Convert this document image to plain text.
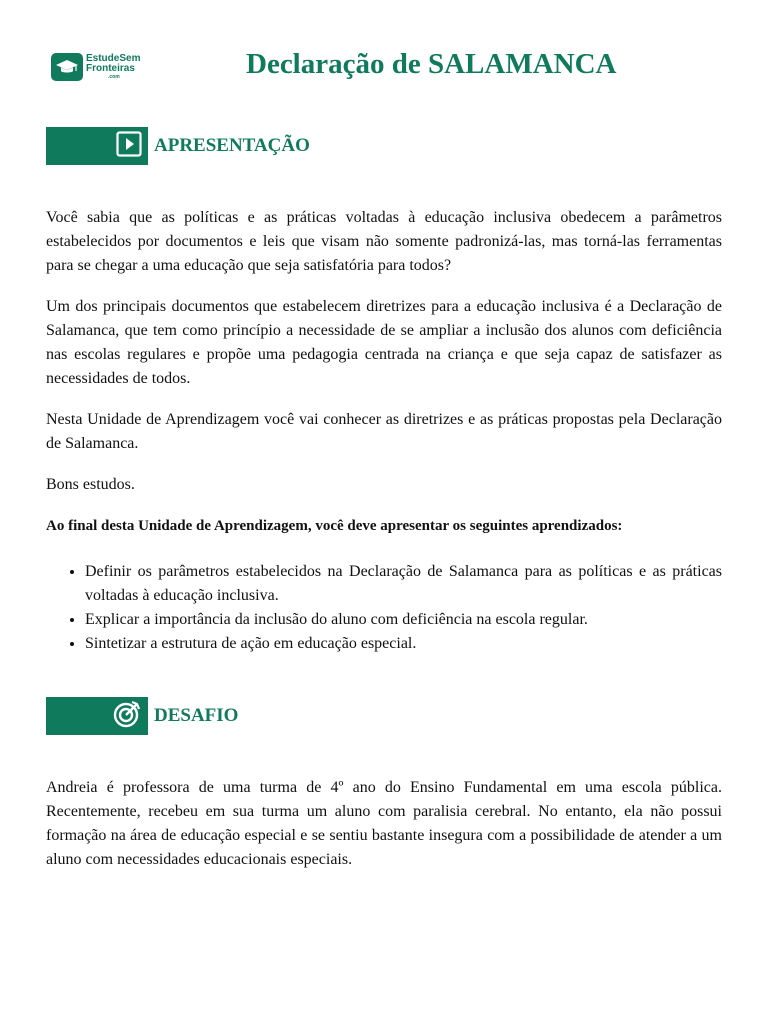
EstudeSem
Fronteiras
.com	Declaração de SALAMANCA
APRESENTAÇÃO

Você sabia que as políticas e as práticas voltadas à educação inclusiva obedecem a parâmetros estabelecidos por documentos e leis que visam não somente padronizá-las, mas torná-las ferramentas para se chegar a uma educação que seja satisfatória para todos?

Um dos principais documentos que estabelecem diretrizes para a educação inclusiva é a Declaração de Salamanca, que tem como princípio a necessidade de se ampliar a inclusão dos alunos com deficiência nas escolas regulares e propõe uma pedagogia centrada na criança e que seja capaz de satisfazer as necessidades de todos.

Nesta Unidade de Aprendizagem você vai conhecer as diretrizes e as práticas propostas pela Declaração de Salamanca.

Bons estudos.

Ao final desta Unidade de Aprendizagem, você deve apresentar os seguintes aprendizados:

• Definir os parâmetros estabelecidos na Declaração de Salamanca para as políticas e as práticas voltadas à educação inclusiva.
• Explicar a importância da inclusão do aluno com deficiência na escola regular.
• Sintetizar a estrutura de ação em educação especial.
DESAFIO

Andreia é professora de uma turma de 4º ano do Ensino Fundamental em uma escola pública. Recentemente, recebeu em sua turma um aluno com paralisia cerebral. No entanto, ela não possui formação na área de educação especial e se sentiu bastante insegura com a possibilidade de atender a um aluno com necessidades educacionais especiais.
